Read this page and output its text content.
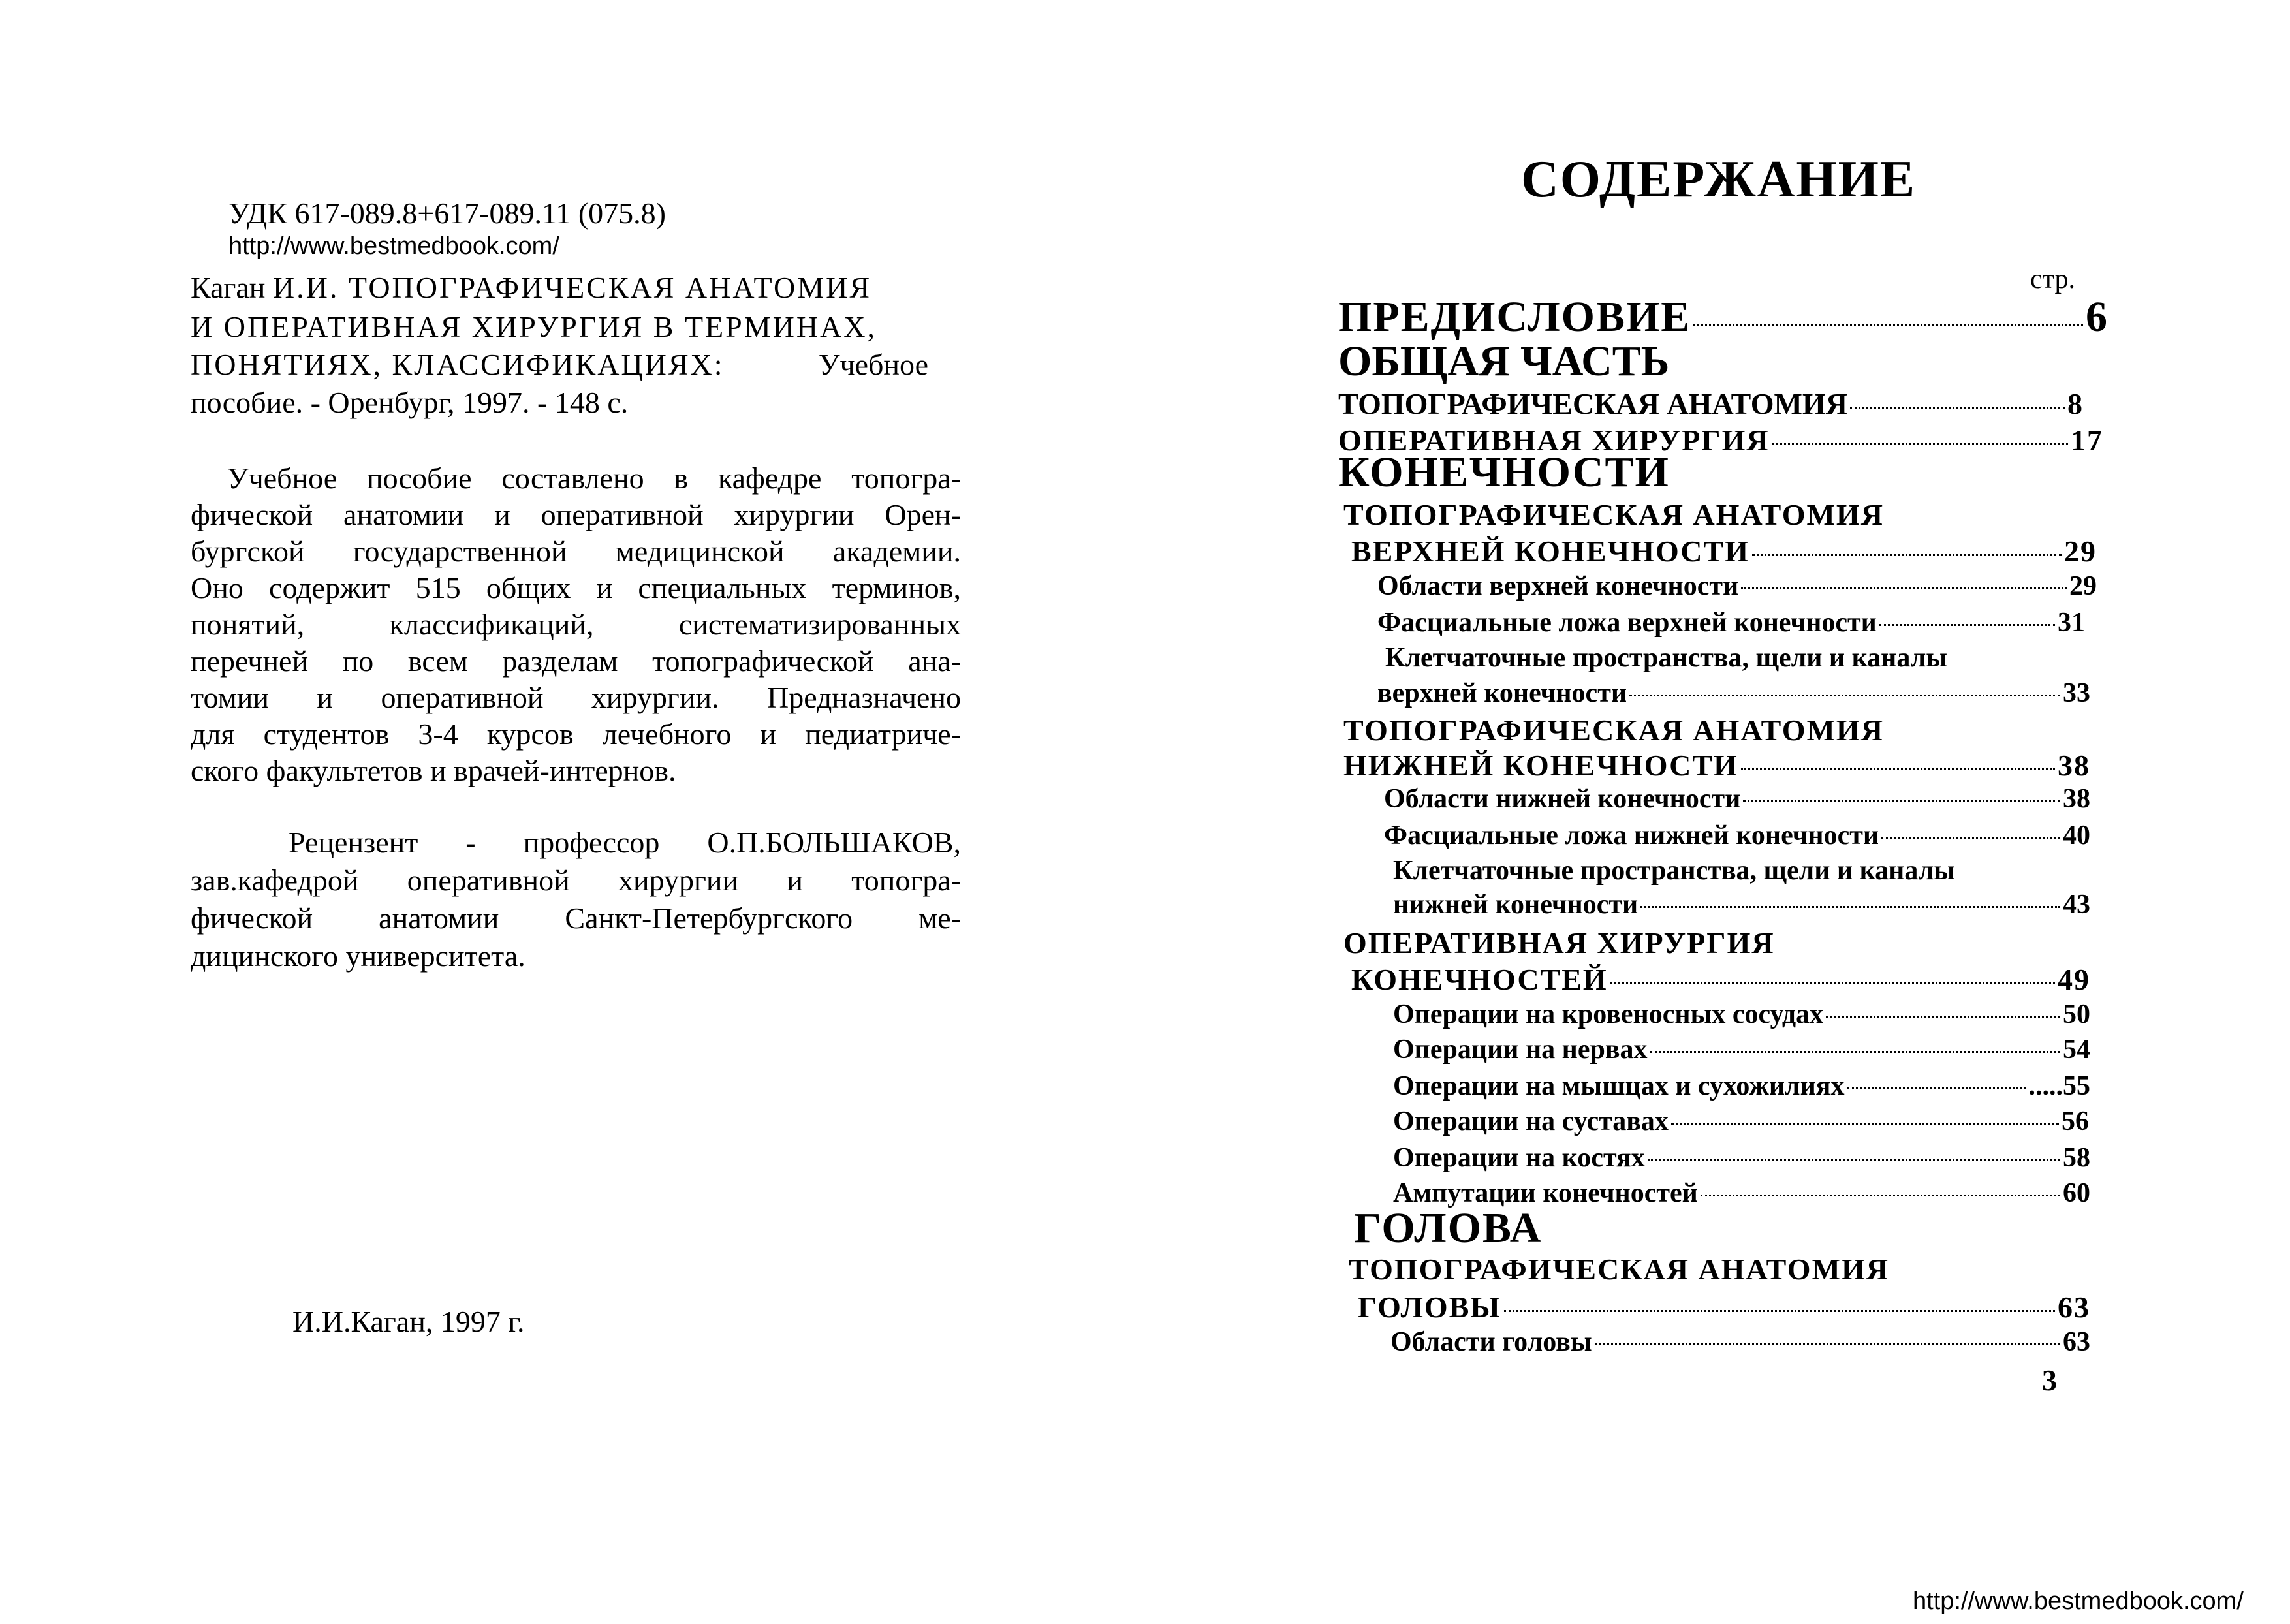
УДК 617-089.8+617-089.11 (075.8)
http://www.bestmedbook.com/
Каган И.И. ТОПОГРАФИЧЕСКАЯ АНАТОМИЯ
И ОПЕРАТИВНАЯ ХИРУРГИЯ В ТЕРМИНАХ,
ПОНЯТИЯХ, КЛАССИФИКАЦИЯХ:	Учебное
пособие. - Оренбург, 1997. - 148 с.
Учебное пособие составлено в кафедре топогра-
фической анатомии и оперативной хирургии Орен-
бургской государственной медицинской академии.
Оно содержит 515 общих и специальных терминов,
понятий, классификаций, систематизированных
перечней по всем разделам топографической ана-
томии и оперативной хирургии. Предназначено
для студентов 3-4 курсов лечебного и педиатриче-
ского факультетов и врачей-интернов.
Рецензент - профессор О.П.БОЛЬШАКОВ,
зав.кафедрой оперативной хирургии и топогра-
фической анатомии Санкт-Петербургского ме-
дицинского университета.
И.И.Каган, 1997 г.
СОДЕРЖАНИЕ
стр.
ПРЕДИСЛОВИЕ	6
ОБЩАЯ ЧАСТЬ
ТОПОГРАФИЧЕСКАЯ АНАТОМИЯ	8
ОПЕРАТИВНАЯ ХИРУРГИЯ	17
КОНЕЧНОСТИ
ТОПОГРАФИЧЕСКАЯ АНАТОМИЯ
ВЕРХНЕЙ КОНЕЧНОСТИ	29
Области верхней конечности	29
Фасциальные ложа верхней конечности	31
Клетчаточные пространства, щели и каналы
верхней конечности	33
ТОПОГРАФИЧЕСКАЯ АНАТОМИЯ
НИЖНЕЙ КОНЕЧНОСТИ	38
Области нижней конечности	38
Фасциальные ложа нижней конечности	40
Клетчаточные пространства, щели и каналы
нижней конечности	43
ОПЕРАТИВНАЯ ХИРУРГИЯ
КОНЕЧНОСТЕЙ	49
Операции на кровеносных сосудах	50
Операции на нервах	54
Операции на мышцах и сухожилиях	.....55
Операции на суставах	56
Операции на костях	58
Ампутации конечностей	60
ГОЛОВА
ТОПОГРАФИЧЕСКАЯ АНАТОМИЯ
ГОЛОВЫ	63
Области головы	63
3
http://www.bestmedbook.com/
